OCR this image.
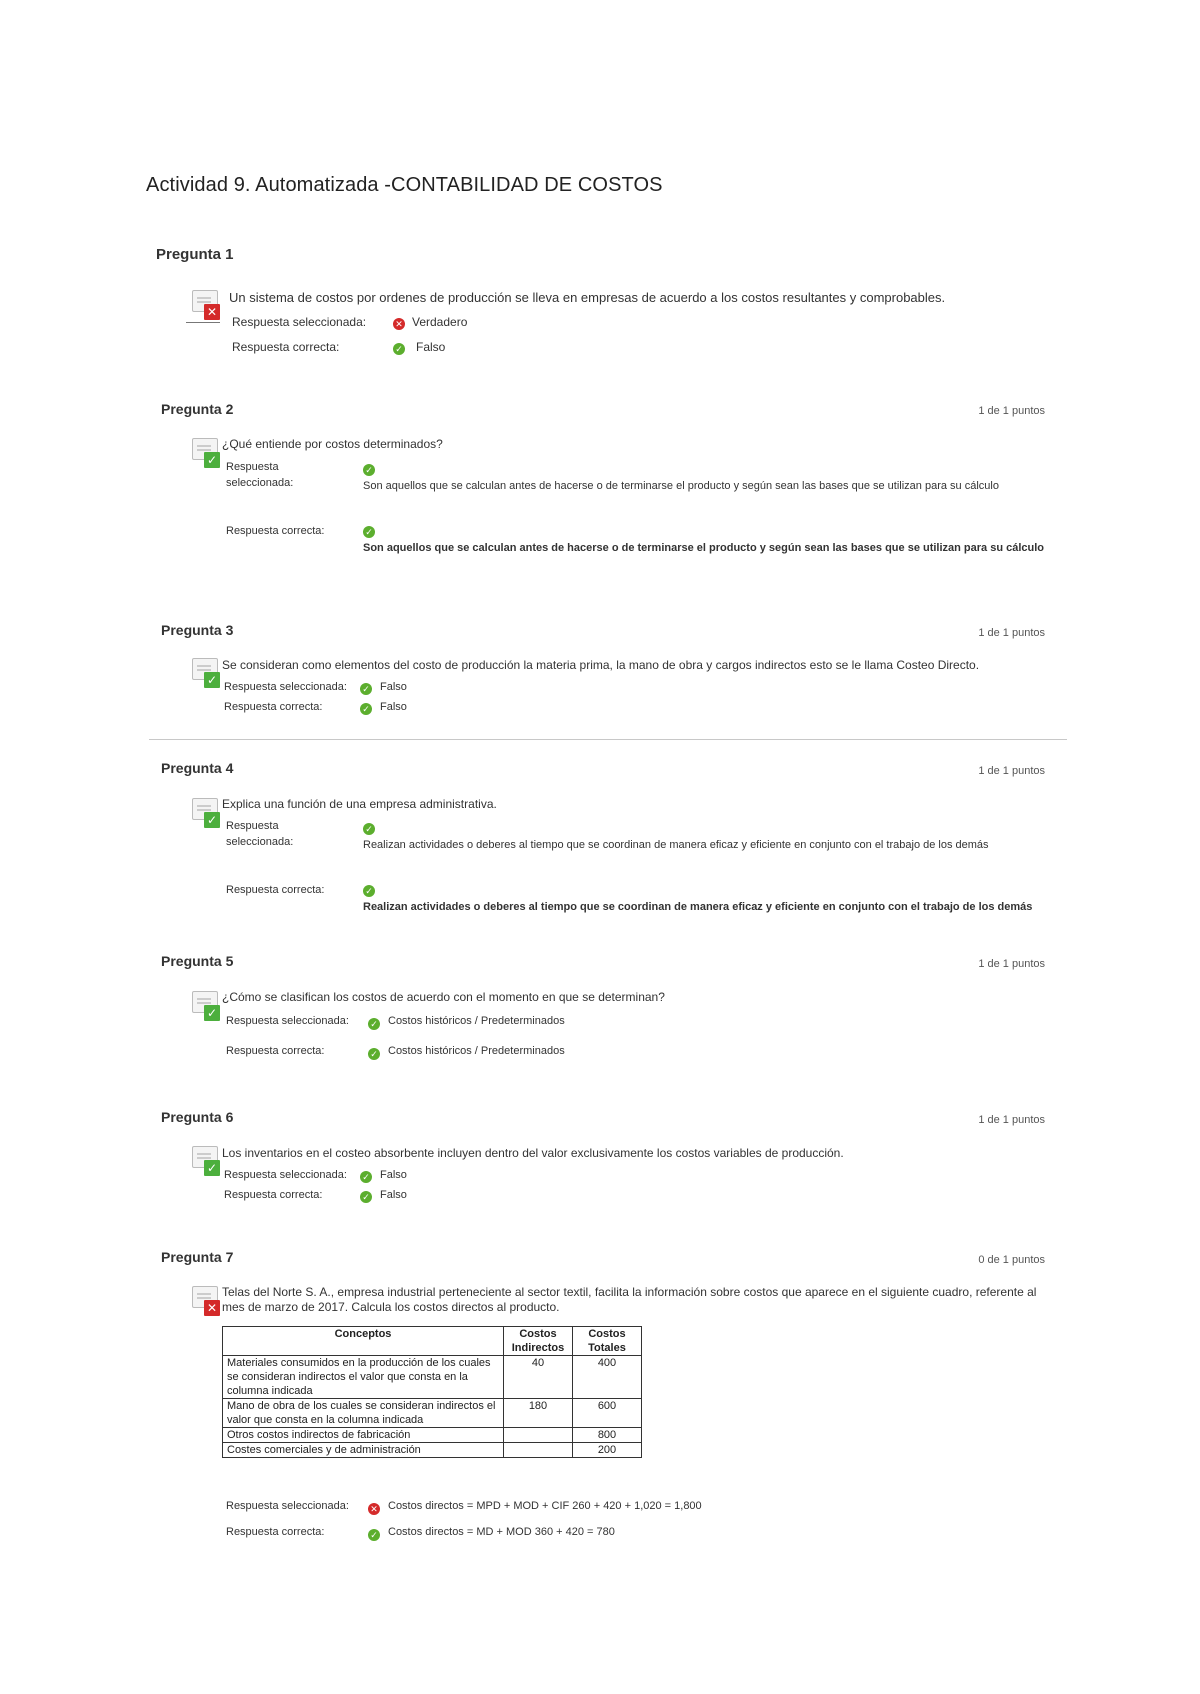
Actividad 9. Automatizada -CONTABILIDAD DE COSTOS
Pregunta 1
✕
Un sistema de costos por ordenes de producción se lleva en empresas de acuerdo a los costos resultantes y comprobables.
Respuesta seleccionada:	✕ Verdadero
Respuesta correcta:	✓ Falso
Pregunta 2	1 de 1 puntos
✓
¿Qué entiende por costos determinados?
Respuesta
seleccionada:
✓
Son aquellos que se calculan antes de hacerse o de terminarse el producto y según sean las bases que se utilizan para su cálculo
Respuesta correcta:	✓
Son aquellos que se calculan antes de hacerse o de terminarse el producto y según sean las bases que se utilizan para su cálculo
Pregunta 3	1 de 1 puntos
✓
Se consideran como elementos del costo de producción la materia prima, la mano de obra y cargos indirectos esto se le llama Costeo Directo.
Respuesta seleccionada: ✓ Falso
Respuesta correcta:	✓ Falso
Pregunta 4	1 de 1 puntos
✓
Explica una función de una empresa administrativa.
Respuesta
seleccionada:
✓
Realizan actividades o deberes al tiempo que se coordinan de manera eficaz y eficiente en conjunto con el trabajo de los demás
Respuesta correcta:	✓
Realizan actividades o deberes al tiempo que se coordinan de manera eficaz y eficiente en conjunto con el trabajo de los demás
Pregunta 5	1 de 1 puntos
✓
¿Cómo se clasifican los costos de acuerdo con el momento en que se determinan?
Respuesta seleccionada: ✓ Costos históricos / Predeterminados
Respuesta correcta:	✓ Costos históricos / Predeterminados
Pregunta 6	1 de 1 puntos
✓
Los inventarios en el costeo absorbente incluyen dentro del valor exclusivamente los costos variables de producción.
Respuesta seleccionada: ✓ Falso
Respuesta correcta:	✓ Falso
Pregunta 7	0 de 1 puntos
✕
Telas del Norte S. A., empresa industrial perteneciente al sector textil, facilita la información sobre costos que aparece en el siguiente cuadro, referente al mes de marzo de 2017. Calcula los costos directos al producto.
Conceptos	Costos Indirectos	Costos Totales
Materiales consumidos en la producción de los cuales se consideran indirectos el valor que consta en la columna indicada	40	400
Mano de obra de los cuales se consideran indirectos el valor que consta en la columna indicada	180	600
Otros costos indirectos de fabricación		800
Costes comerciales y de administración		200
Respuesta seleccionada: ✕ Costos directos = MPD + MOD + CIF 260 + 420 + 1,020 = 1,800
Respuesta correcta:	✓ Costos directos = MD + MOD 360 + 420 = 780
